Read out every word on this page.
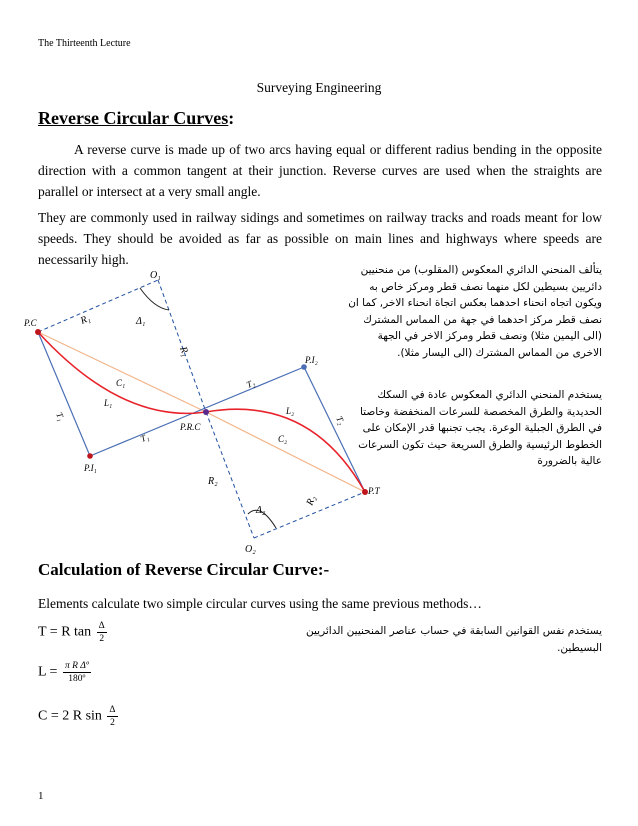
The Thirteenth Lecture
Surveying Engineering
Reverse Circular Curves:
A reverse curve is made up of two arcs having equal or different radius bending in the opposite direction with a common tangent at their junction. Reverse curves are used when the straights are parallel or intersect at a very small angle.
They are commonly used in railway sidings and sometimes on railway tracks and roads meant for low speeds. They should be avoided as far as possible on main lines and highways where speeds are necessarily high.
يتألف المنحني الدائري المعكوس (المقلوب) من منحنيين دائريين بسيطين لكل منهما نصف قطر ومركز خاص به ويكون اتجاه انحناء احدهما بعكس اتجاة انحناء الاخر, كما ان نصف قطر مركز احدهما في جهة من المماس المشترك (الى اليمين مثلا) ونصف قطر ومركز الاخر في الجهة الاخرى من المماس المشترك (الى اليسار مثلا).
يستخدم المنحني الدائري المعكوس عادة في السكك الحديدية والطرق المخصصة للسرعات المنخفضة وخاصتا في الطرق الجبلية الوعرة. يجب تجنبها قدر الإمكان على الخطوط الرئيسية والطرق السريعة حيث تكون السرعات عالية بالضرورة
O₁
O₂
R₁
R₁
R₂
R₂
Δ₁
Δ₂
P.C
P.T
P.I₁
P.I₂
P.R.C
C₁
C₂
L₁
L₂
T₁
T₁
T₂
T₂
Calculation of Reverse Circular Curve:-
Elements calculate two simple circular curves using the same previous methods…
يستخدم نفس القوانين السابقة في حساب عناصر المنحنيين الدائريين البسيطين.
T = R $\tan \frac{\Delta}{2}$
$L = \frac{\text{π R Δº}}{\text{180º}}$
C = 2 R $\sin \frac{\Delta}{2}$
1
